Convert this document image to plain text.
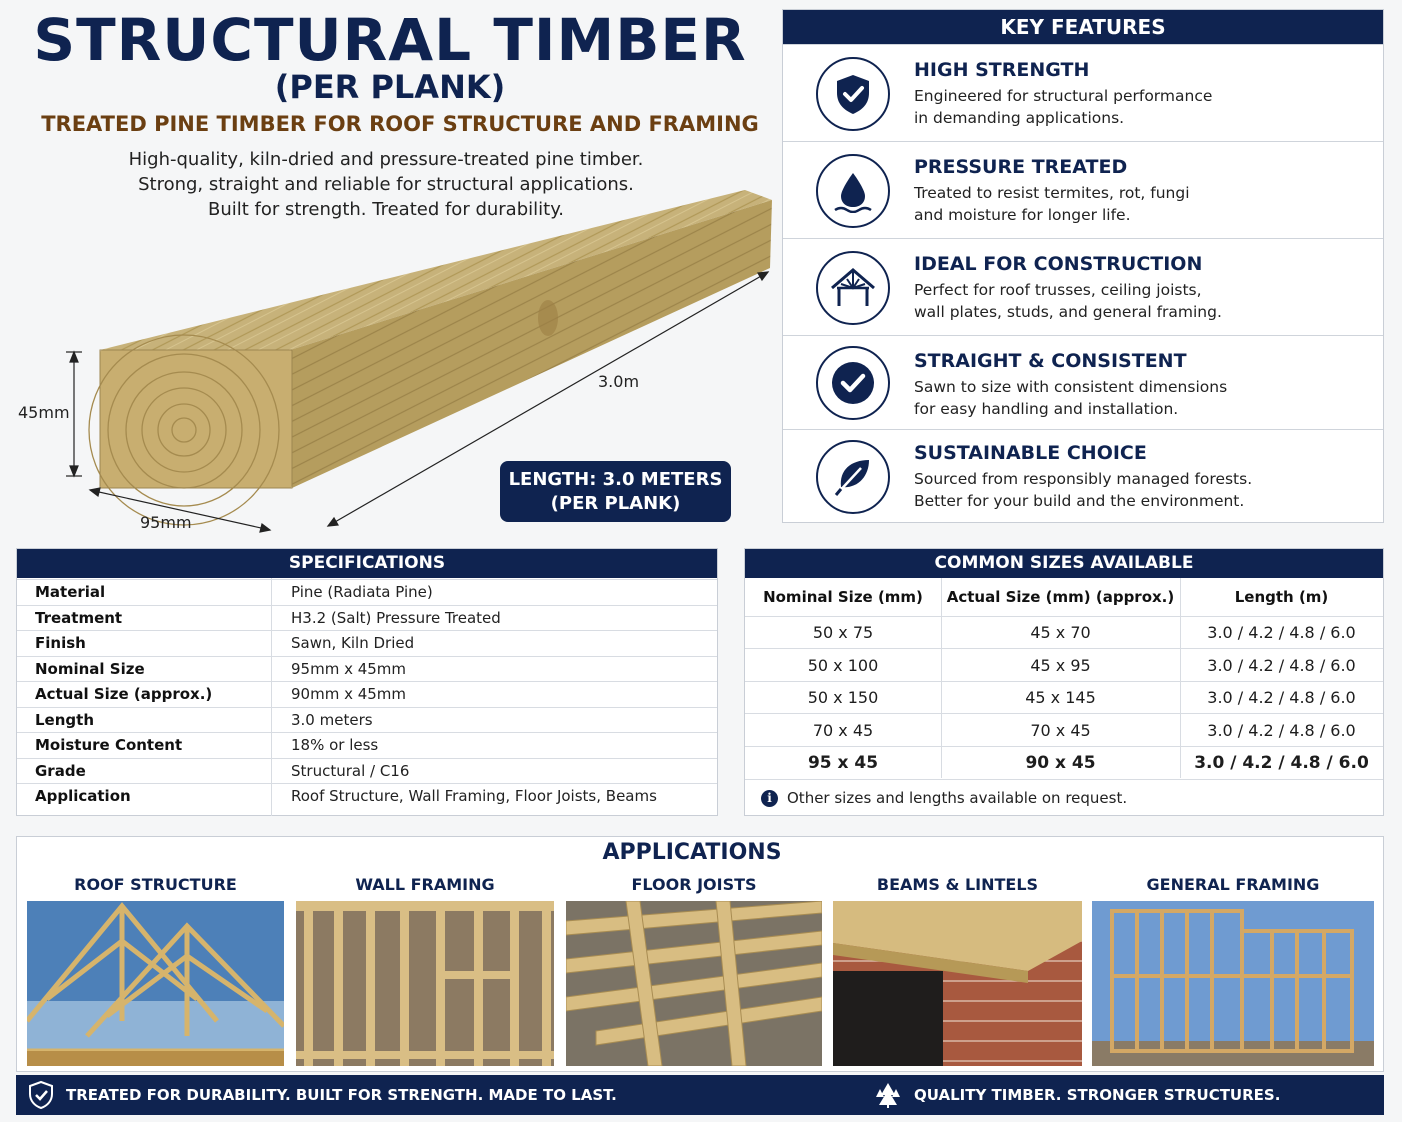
STRUCTURAL TIMBER
(PER PLANK)
TREATED PINE TIMBER FOR ROOF STRUCTURE AND FRAMING
High-quality, kiln-dried and pressure-treated pine timber.
Strong, straight and reliable for structural applications.
Built for strength. Treated for durability.
45mm
95mm
3.0m
LENGTH: 3.0 METERS
(PER PLANK)
KEY FEATURES
HIGH STRENGTH
Engineered for structural performance
in demanding applications.
PRESSURE TREATED
Treated to resist termites, rot, fungi
and moisture for longer life.
IDEAL FOR CONSTRUCTION
Perfect for roof trusses, ceiling joists,
wall plates, studs, and general framing.
STRAIGHT & CONSISTENT
Sawn to size with consistent dimensions
for easy handling and installation.
SUSTAINABLE CHOICE
Sourced from responsibly managed forests.
Better for your build and the environment.
SPECIFICATIONS
Material	Pine (Radiata Pine)
Treatment	H3.2 (Salt) Pressure Treated
Finish	Sawn, Kiln Dried
Nominal Size	95mm x 45mm
Actual Size (approx.)	90mm x 45mm
Length	3.0 meters
Moisture Content	18% or less
Grade	Structural / C16
Application	Roof Structure, Wall Framing, Floor Joists, Beams
COMMON SIZES AVAILABLE
Nominal Size (mm)	Actual Size (mm) (approx.)	Length (m)
50 x 75	45 x 70	3.0 / 4.2 / 4.8 / 6.0
50 x 100	45 x 95	3.0 / 4.2 / 4.8 / 6.0
50 x 150	45 x 145	3.0 / 4.2 / 4.8 / 6.0
70 x 45	70 x 45	3.0 / 4.2 / 4.8 / 6.0
95 x 45	90 x 45	3.0 / 4.2 / 4.8 / 6.0
i	Other sizes and lengths available on request.
APPLICATIONS
ROOF STRUCTURE	WALL FRAMING	FLOOR JOISTS	BEAMS & LINTELS	GENERAL FRAMING
TREATED FOR DURABILITY. BUILT FOR STRENGTH. MADE TO LAST.	QUALITY TIMBER. STRONGER STRUCTURES.
